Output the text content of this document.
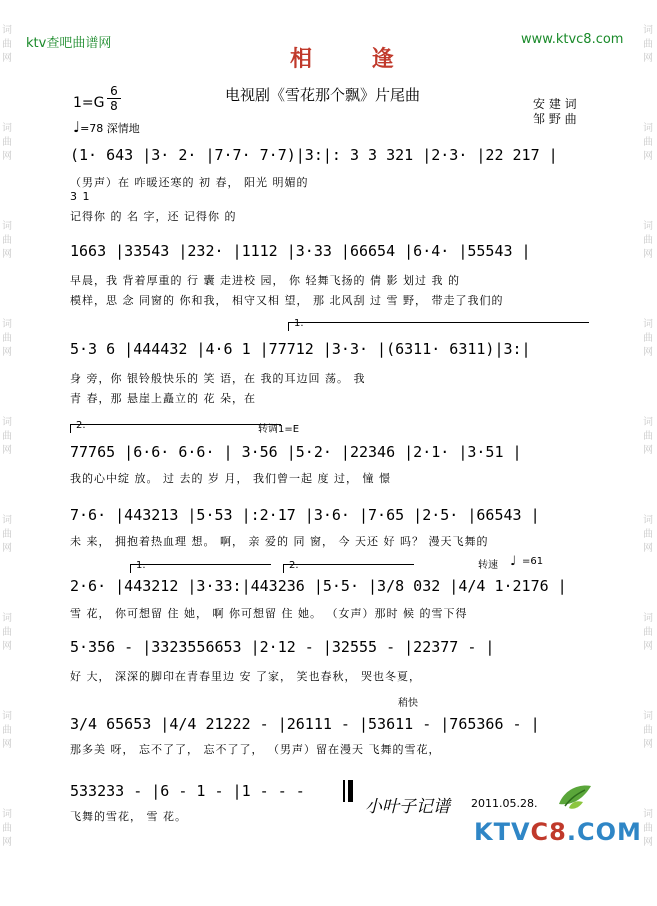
ktv查吧曲谱网	www.ktvc8.com
相 逢
电视剧《雪花那个飘》片尾曲
$1=G \frac{6}{8}$
♩=78 深情地
安 建 词
邹 野 曲
词 曲 网
词 曲 网
词 曲 网
词 曲 网
词 曲 网
词 曲 网
词 曲 网
词 曲 网
词 曲 网
词 曲 网
词 曲 网
词 曲 网
词 曲 网
词 曲 网
词 曲 网
词 曲 网
词 曲 网
词 曲 网
(1· 643 |3· 2· |7·7· 7·7)|3:|: 3 3 321 |2·3· |22 217 |
（男声）在 咋暖还寒的 初 春， 阳光 明媚的
3 1
记得你 的 名 字，还 记得你 的
1663 |33543 |232· |1112 |3·33 |66654 |6·4· |55543 |
早晨，我 背着厚重的 行 囊 走进校 园， 你 轻舞飞扬的 倩 影 划过 我 的
模样，思 念 同窗的 你和我， 相守又相 望， 那 北风刮 过 雪 野， 带走了我们的
1.
5·3 6 |444432 |4·6 1 |77712 |3·3· |(6311· 6311)|3:|
身 旁，你 银铃般快乐的 笑 语，在 我的耳边回 荡。 我
青 春，那 悬崖上矗立的 花 朵，在
2.	转调1=E
77765 |6·6· 6·6· | 3·56 |5·2· |22346 |2·1· |3·51 |
我的心中绽 放。 过 去的 岁 月， 我们曾一起 度 过， 憧 憬
7·6· |443213 |5·53 |:2·17 |3·6· |7·65 |2·5· |66543 |
未 来， 拥抱着热血理 想。 啊， 亲 爱的 同 窗， 今 天还 好 吗？ 漫天飞舞的
1.	2.	转速 ♩ =61
2·6· |443212 |3·33:|443236 |5·5· |3/8 032 |4/4 1·2176 |
雪 花， 你可想留 住 她， 啊 你可想留 住 她。 （女声）那时 候 的雪下得
5·356 - |3323556653 |2·12 - |32555 - |22377 - |
好 大， 深深的脚印在青春里边 安 了家， 笑也春秋， 哭也冬夏，
稍快
3/4 65653 |4/4 21222 - |26111 - |53611 - |765366 - |
那多美 呀， 忘不了了， 忘不了了， （男声）留在漫天 飞舞的雪花，
533233 - |6 - 1 - |1 - - -
飞舞的雪花， 雪 花。	小叶子记谱 2011.05.28.
KTVC8.COM
